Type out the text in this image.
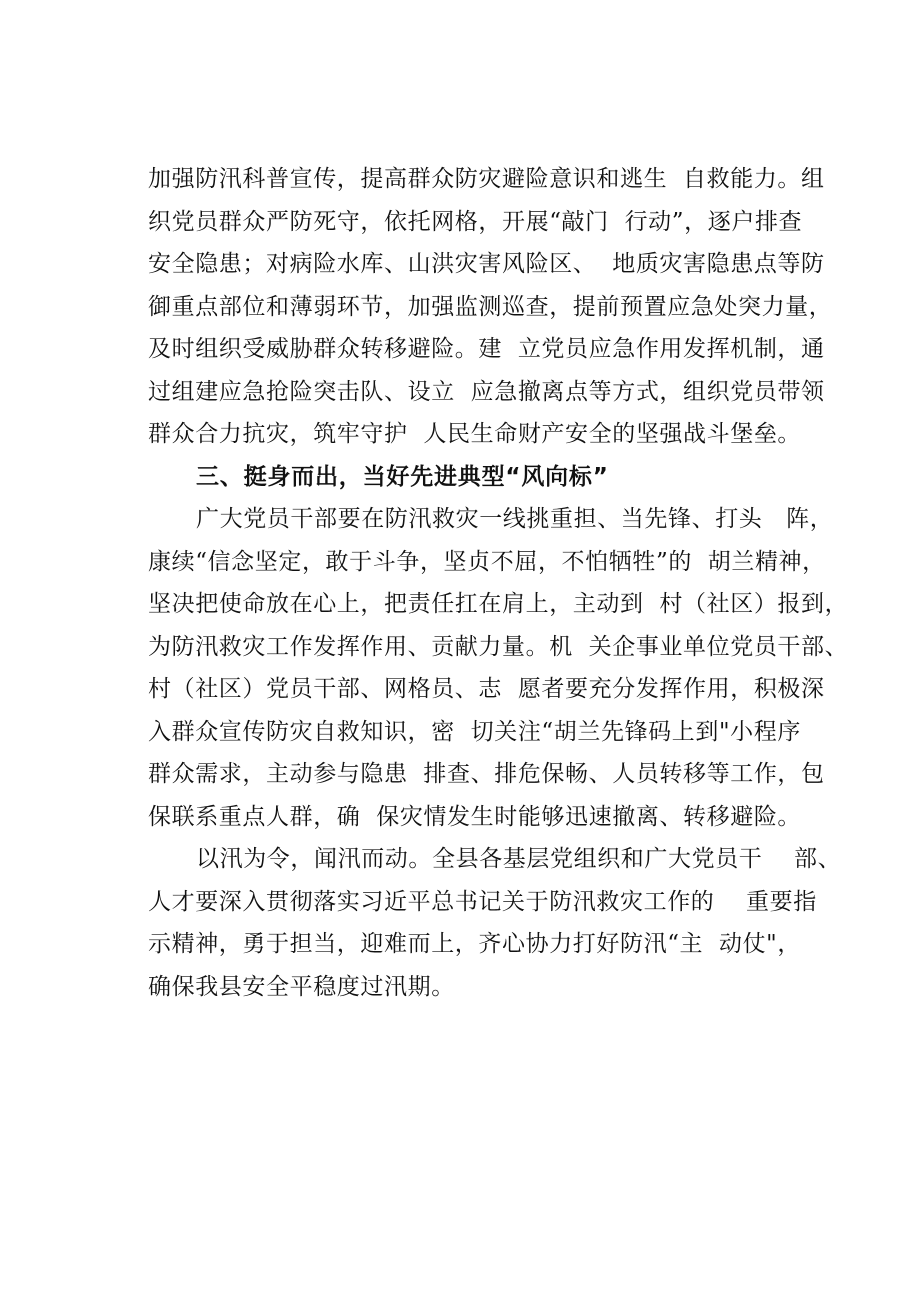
加强防汛科普宣传，提高群众防灾避险意识和逃生  自救能力。组
织党员群众严防死守，依托网格，开展“敲门  行动”，逐户排查
安全隐患；对病险水库、山洪灾害风险区、  地质灾害隐患点等防
御重点部位和薄弱环节，加强监测巡查，提前预置应急处突力量，
及时组织受威胁群众转移避险。建  立党员应急作用发挥机制，通
过组建应急抢险突击队、设立  应急撤离点等方式，组织党员带领
群众合力抗灾，筑牢守护  人民生命财产安全的坚强战斗堡垒。
三、挺身而出，当好先进典型“风向标”
广大党员干部要在防汛救灾一线挑重担、当先锋、打头   阵，
康续“信念坚定，敢于斗争，坚贞不屈，不怕牺牲”的  胡兰精神，
坚决把使命放在心上，把责任扛在肩上，主动到  村（社区）报到，
为防汛救灾工作发挥作用、贡献力量。机  关企事业单位党员干部、
村（社区）党员干部、网格员、志  愿者要充分发挥作用，积极深
入群众宣传防灾自救知识，密  切关注“胡兰先锋码上到"小程序
群众需求，主动参与隐患  排查、排危保畅、人员转移等工作，包
保联系重点人群，确  保灾情发生时能够迅速撤离、转移避险。
以汛为令，闻汛而动。全县各基层党组织和广大党员干    部、
人才要深入贯彻落实习近平总书记关于防汛救灾工作的    重要指
示精神，勇于担当，迎难而上，齐心协力打好防汛“主  动仗"，
确保我县安全平稳度过汛期。
